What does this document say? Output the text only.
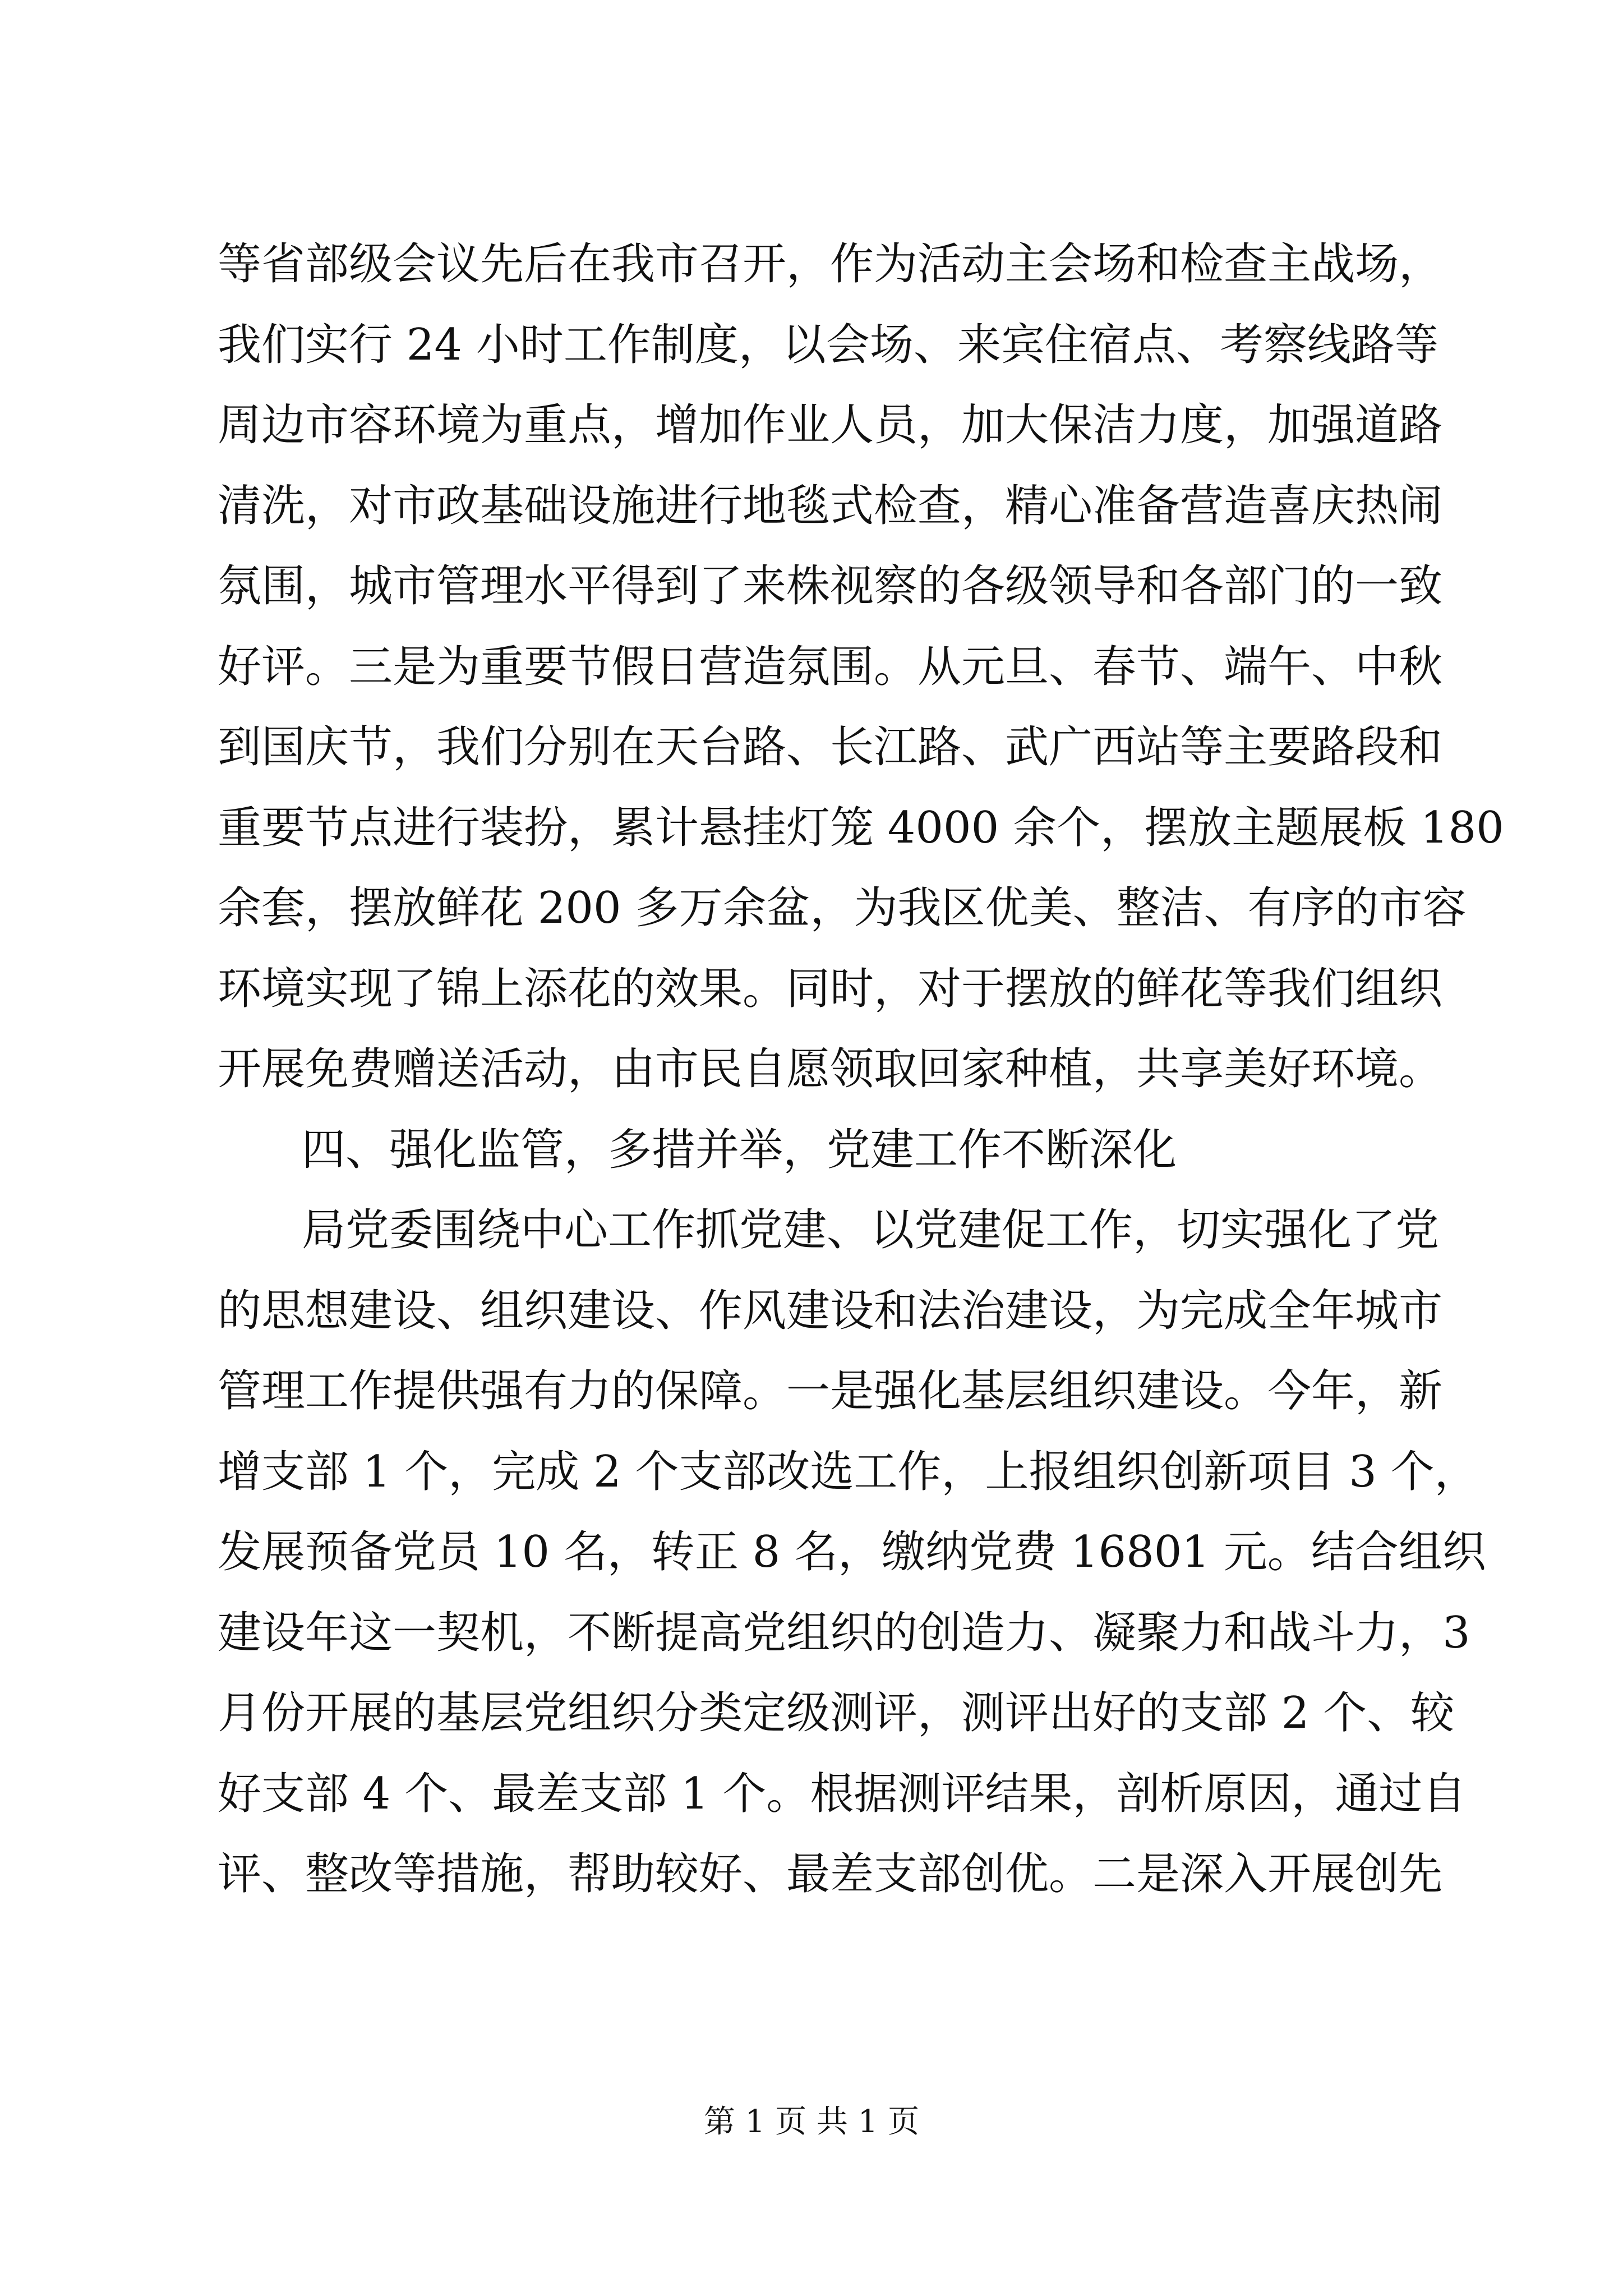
等省部级会议先后在我市召开，作为活动主会场和检查主战场，
我们实行 24 小时工作制度，以会场、来宾住宿点、考察线路等
周边市容环境为重点，增加作业人员，加大保洁力度，加强道路
清洗，对市政基础设施进行地毯式检查，精心准备营造喜庆热闹
氛围，城市管理水平得到了来株视察的各级领导和各部门的一致
好评。三是为重要节假日营造氛围。从元旦、春节、端午、中秋
到国庆节，我们分别在天台路、长江路、武广西站等主要路段和
重要节点进行装扮，累计悬挂灯笼 4000 余个，摆放主题展板 180
余套，摆放鲜花 200 多万余盆，为我区优美、整洁、有序的市容
环境实现了锦上添花的效果。同时，对于摆放的鲜花等我们组织
开展免费赠送活动，由市民自愿领取回家种植，共享美好环境。
四、强化监管，多措并举，党建工作不断深化
局党委围绕中心工作抓党建、以党建促工作，切实强化了党
的思想建设、组织建设、作风建设和法治建设，为完成全年城市
管理工作提供强有力的保障。一是强化基层组织建设。今年，新
增支部 1 个，完成 2 个支部改选工作，上报组织创新项目 3 个，
发展预备党员 10 名，转正 8 名，缴纳党费 16801 元。结合组织
建设年这一契机，不断提高党组织的创造力、凝聚力和战斗力，3
月份开展的基层党组织分类定级测评，测评出好的支部 2 个、较
好支部 4 个、最差支部 1 个。根据测评结果，剖析原因，通过自
评、整改等措施，帮助较好、最差支部创优。二是深入开展创先
第 1 页 共 1 页
